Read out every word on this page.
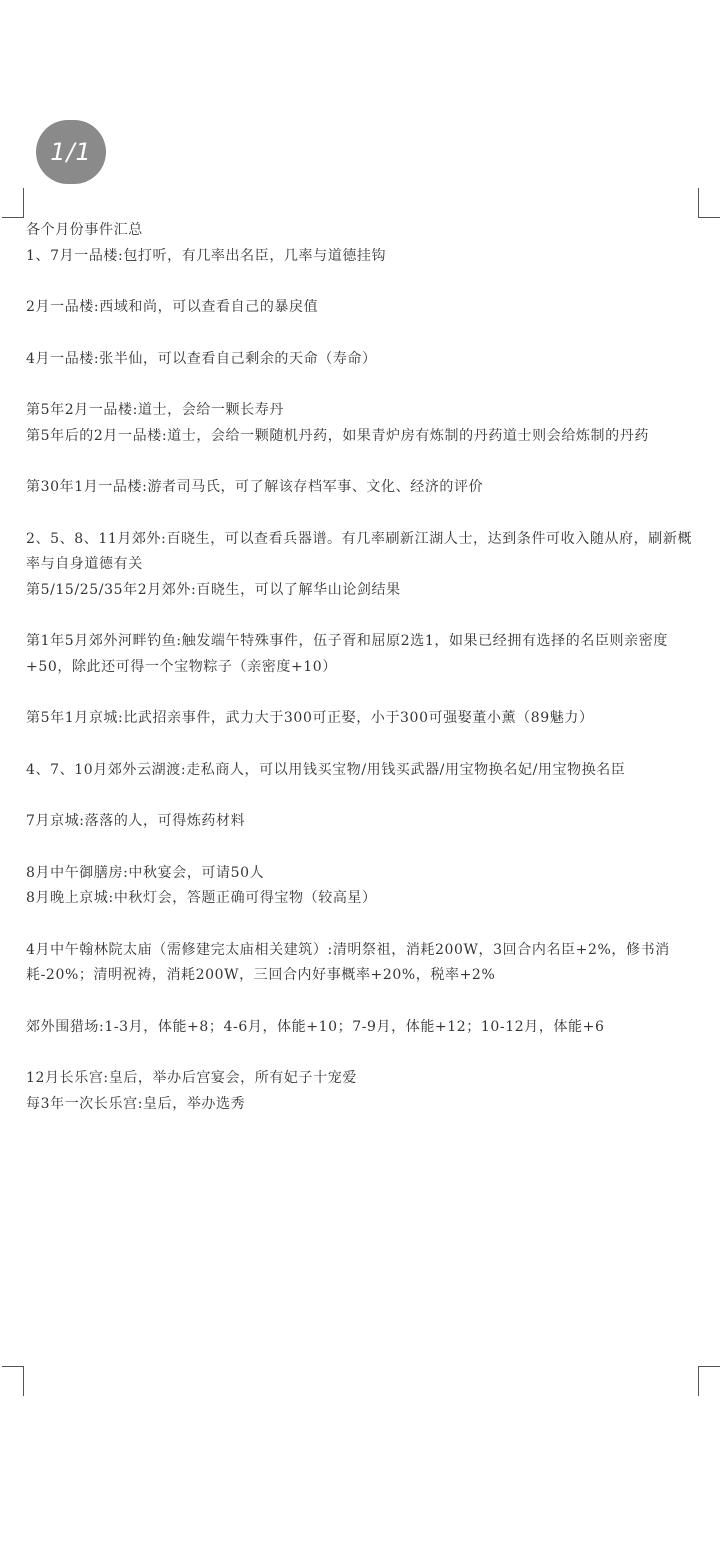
1/1

各个月份事件汇总

1、7月一品楼:包打听，有几率出名臣，几率与道德挂钩

2月一品楼:西域和尚，可以查看自己的暴戾值

4月一品楼:张半仙，可以查看自己剩余的天命（寿命）

第5年2月一品楼:道士，会给一颗长寿丹

第5年后的2月一品楼:道士，会给一颗随机丹药，如果青炉房有炼制的丹药道士则会给炼制的丹药

第30年1月一品楼:游者司马氏，可了解该存档军事、文化、经济的评价

2、5、8、11月郊外:百晓生，可以查看兵器谱。有几率刷新江湖人士，达到条件可收入随从府，刷新概率与自身道德有关

第5/15/25/35年2月郊外:百晓生，可以了解华山论剑结果

第1年5月郊外河畔钓鱼:触发端午特殊事件，伍子胥和屈原2选1，如果已经拥有选择的名臣则亲密度+50，除此还可得一个宝物粽子（亲密度+10）

第5年1月京城:比武招亲事件，武力大于300可正娶，小于300可强娶董小薰（89魅力）

4、7、10月郊外云湖渡:走私商人，可以用钱买宝物/用钱买武器/用宝物换名妃/用宝物换名臣

7月京城:落落的人，可得炼药材料

8月中午御膳房:中秋宴会，可请50人

8月晚上京城:中秋灯会，答题正确可得宝物（较高星）

4月中午翰林院太庙（需修建完太庙相关建筑）:清明祭祖，消耗200W，3回合内名臣+2%，修书消耗-20%；清明祝祷，消耗200W，三回合内好事概率+20%，税率+2%

郊外围猎场:1-3月，体能+8；4-6月，体能+10；7-9月，体能+12；10-12月，体能+6

12月长乐宫:皇后，举办后宫宴会，所有妃子十宠爱

每3年一次长乐宫:皇后，举办选秀
